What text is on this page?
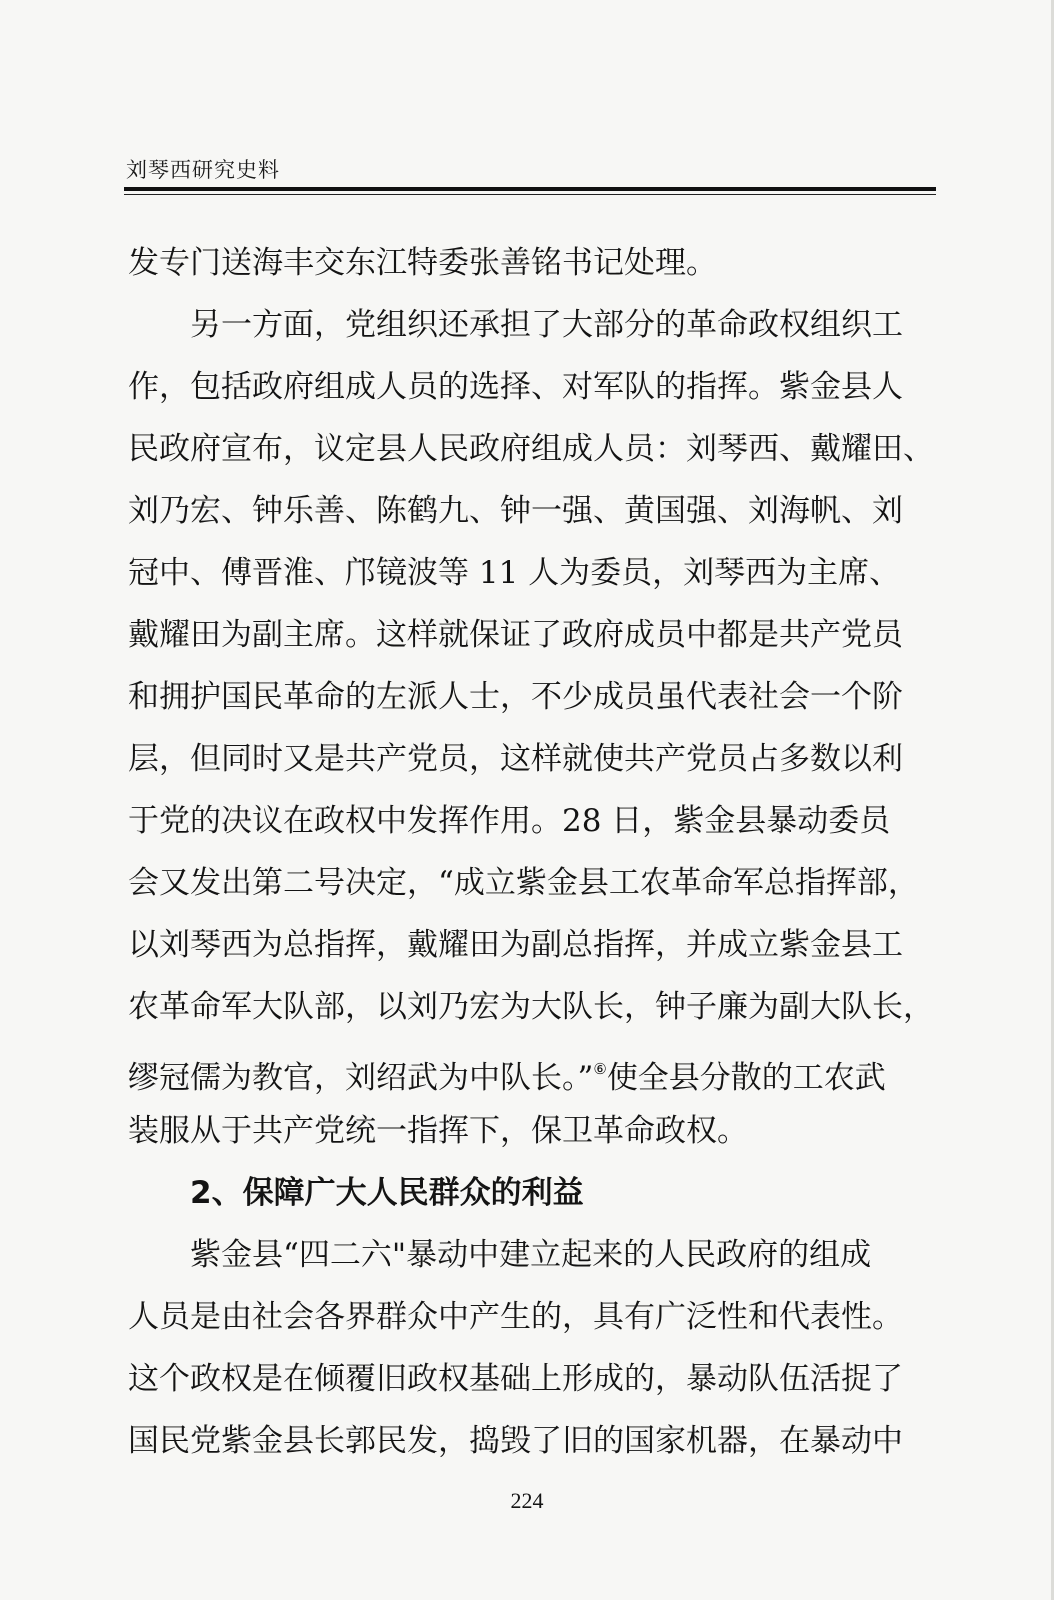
刘琴西研究史料
发专门送海丰交东江特委张善铭书记处理。
另一方面，党组织还承担了大部分的革命政权组织工
作，包括政府组成人员的选择、对军队的指挥。紫金县人
民政府宣布，议定县人民政府组成人员：刘琴西、戴耀田、
刘乃宏、钟乐善、陈鹤九、钟一强、黄国强、刘海帆、刘
冠中、傅晋淮、邝镜波等 11 人为委员，刘琴西为主席、
戴耀田为副主席。这样就保证了政府成员中都是共产党员
和拥护国民革命的左派人士，不少成员虽代表社会一个阶
层，但同时又是共产党员，这样就使共产党员占多数以利
于党的决议在政权中发挥作用。28 日，紫金县暴动委员
会又发出第二号决定，“成立紫金县工农革命军总指挥部，
以刘琴西为总指挥，戴耀田为副总指挥，并成立紫金县工
农革命军大队部，以刘乃宏为大队长，钟子廉为副大队长，
缪冠儒为教官，刘绍武为中队长。”⑥使全县分散的工农武
装服从于共产党统一指挥下，保卫革命政权。
2、保障广大人民群众的利益
紫金县“四二六"暴动中建立起来的人民政府的组成
人员是由社会各界群众中产生的，具有广泛性和代表性。
这个政权是在倾覆旧政权基础上形成的，暴动队伍活捉了
国民党紫金县长郭民发，捣毁了旧的国家机器，在暴动中
224
